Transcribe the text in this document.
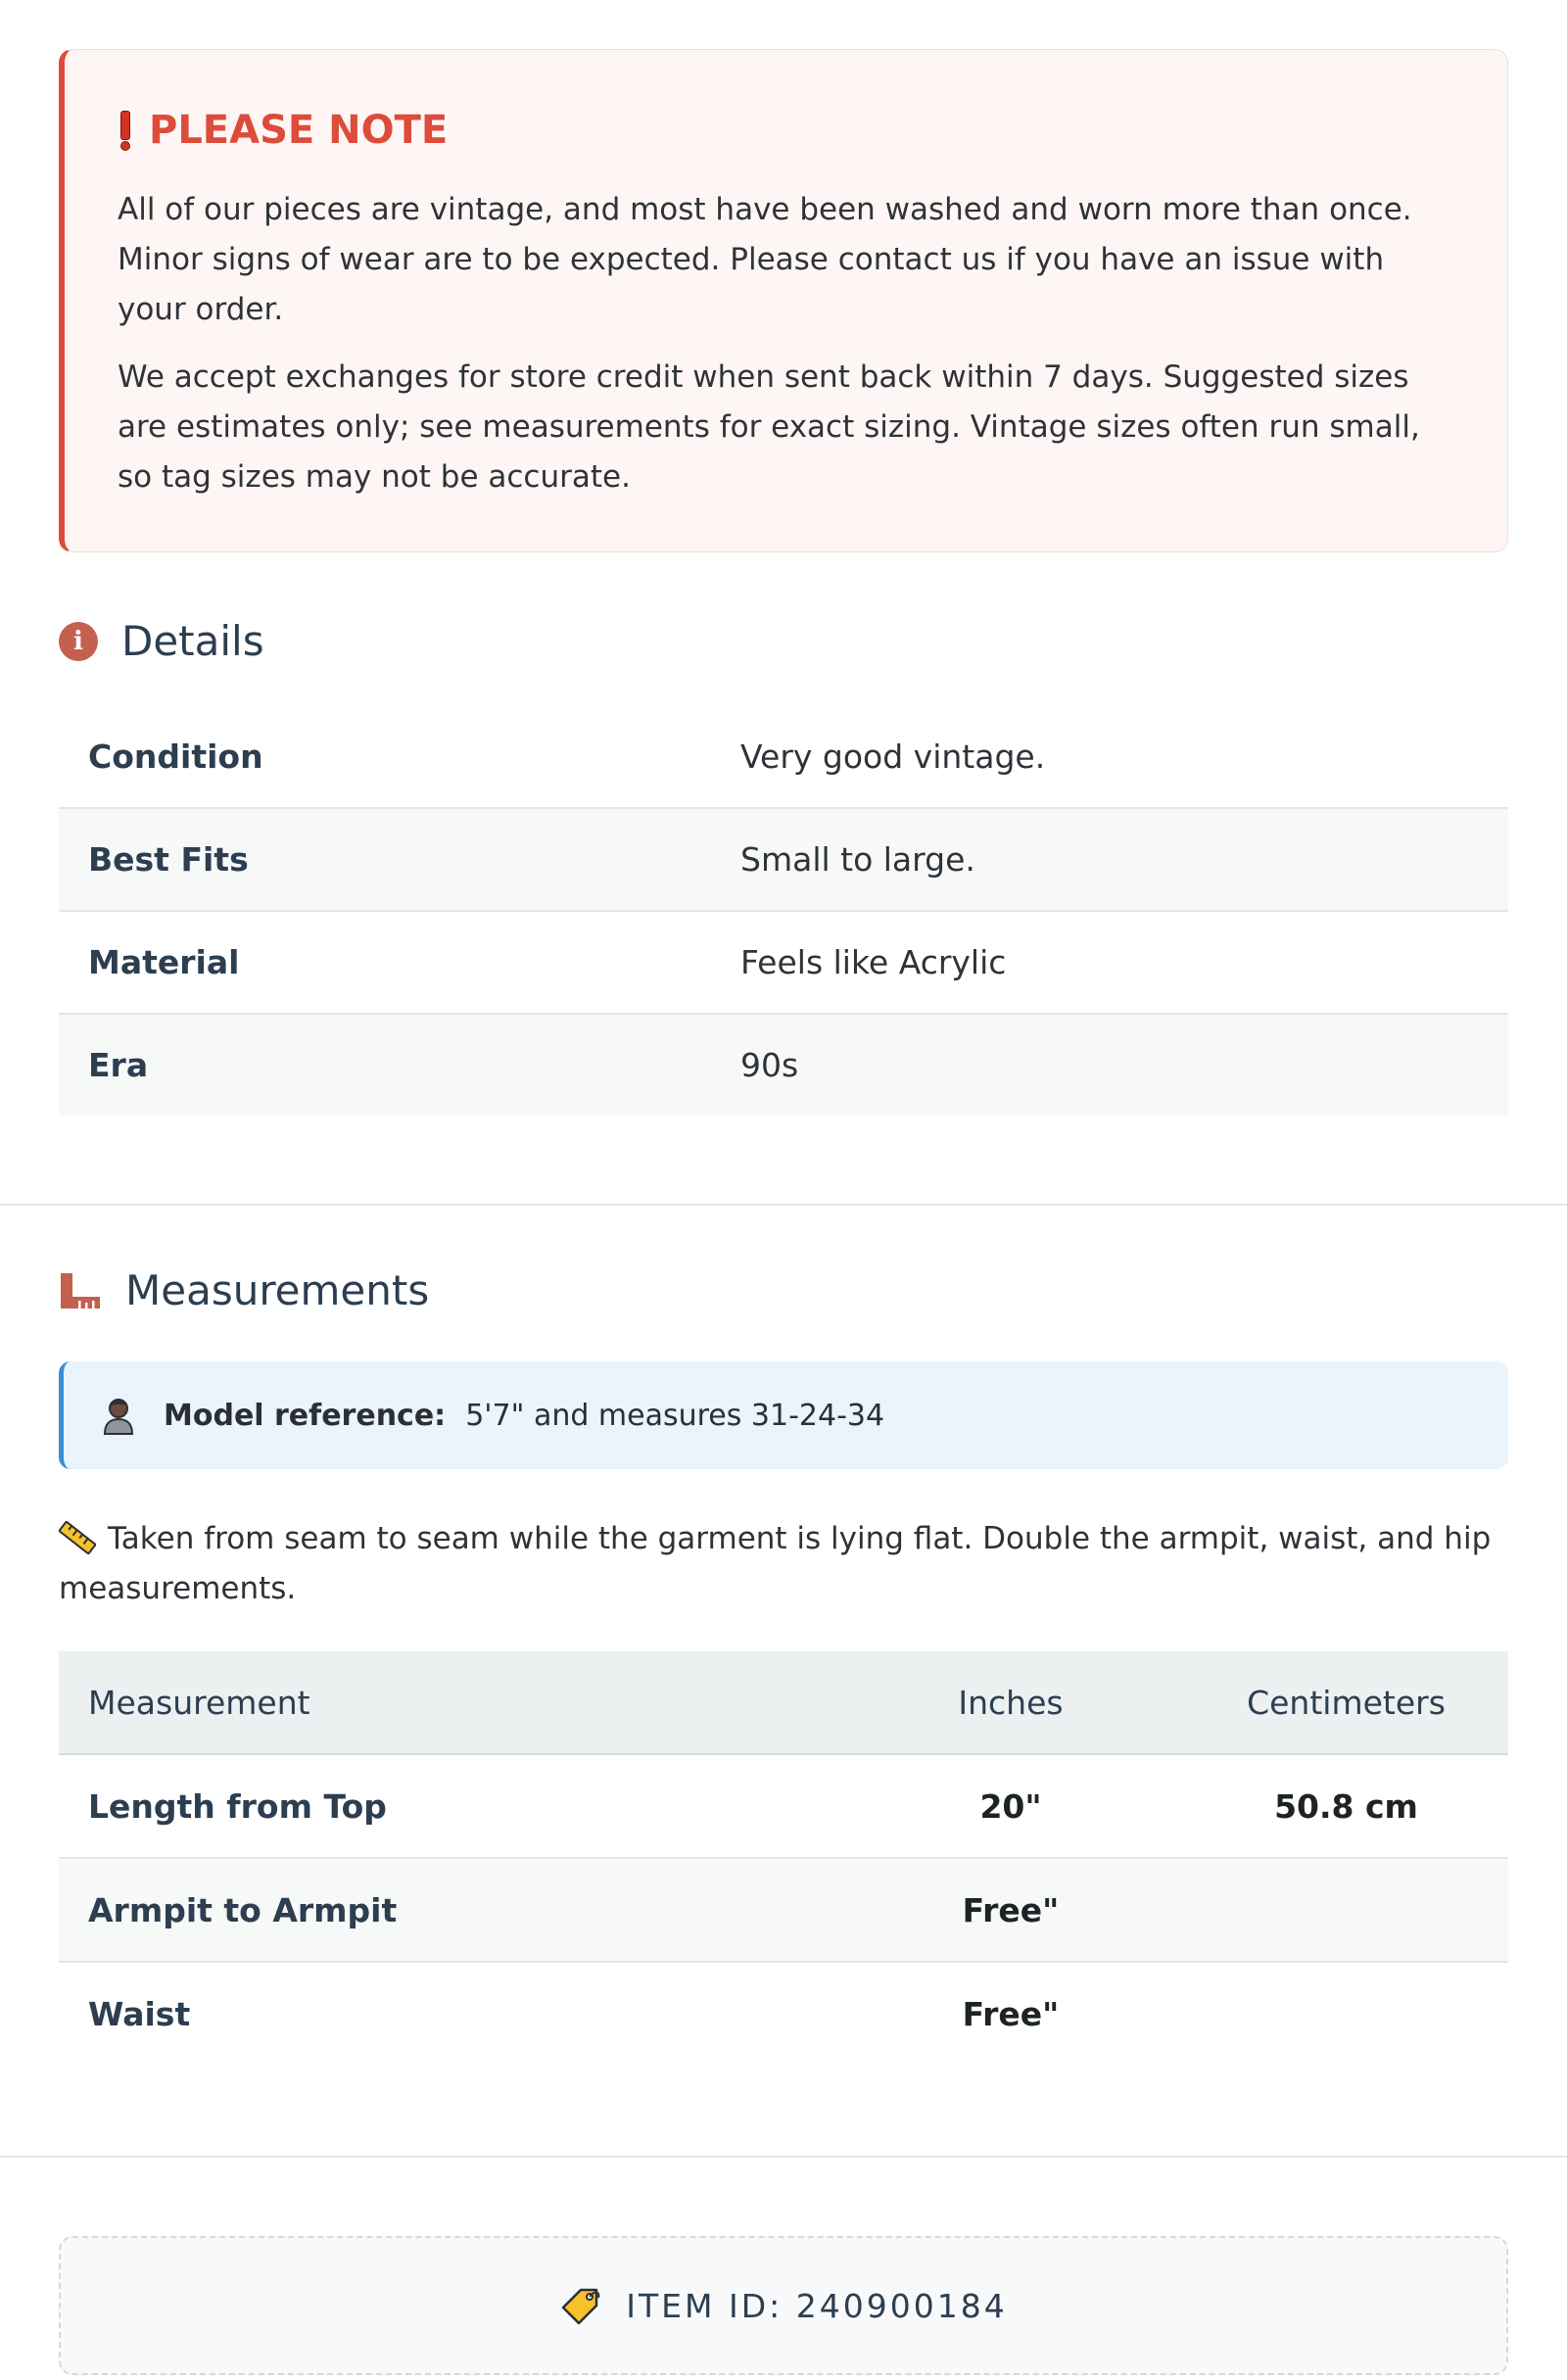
PLEASE NOTE

All of our pieces are vintage, and most have been washed and worn more than once. Minor signs of wear are to be expected. Please contact us if you have an issue with your order.

We accept exchanges for store credit when sent back within 7 days. Suggested sizes are estimates only; see measurements for exact sizing. Vintage sizes often run small, so tag sizes may not be accurate.

i Details
Condition	Very good vintage.
Best Fits	Small to large.
Material	Feels like Acrylic
Era	90s
Measurements
Model reference: 5'7" and measures 31-24-34
Taken from seam to seam while the garment is lying flat. Double the armpit, waist, and hip measurements.
Measurement	Inches	Centimeters
Length from Top	20"	50.8 cm
Armpit to Armpit	Free"	
Waist	Free"	
ITEM ID: 240900184
